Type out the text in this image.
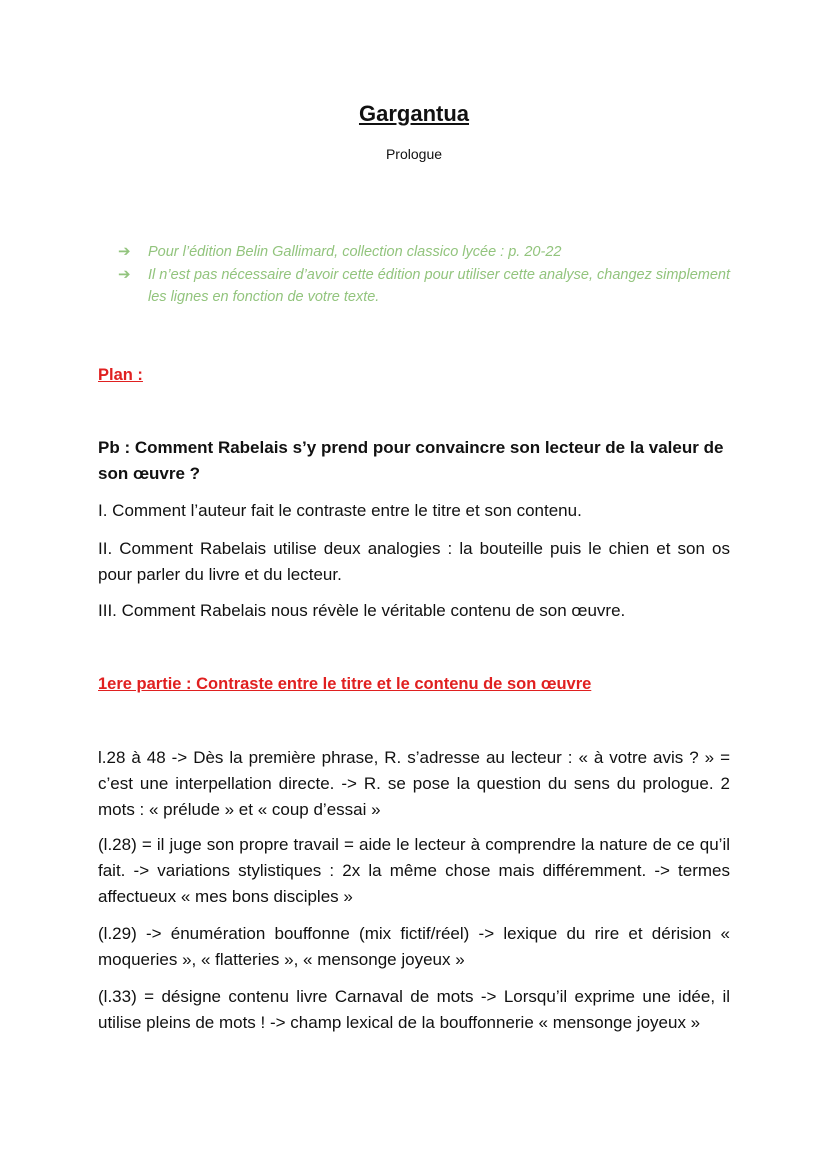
Gargantua
Prologue
➔	Pour l’édition Belin Gallimard, collection classico lycée : p. 20-22
➔	Il n’est pas nécessaire d’avoir cette édition pour utiliser cette analyse, changez simplement les lignes en fonction de votre texte.
Plan :
Pb : Comment Rabelais s’y prend pour convaincre son lecteur de la valeur de son œuvre ?
I. Comment l’auteur fait le contraste entre le titre et son contenu.
II. Comment Rabelais utilise deux analogies : la bouteille puis le chien et son os pour parler du livre et du lecteur.
III. Comment Rabelais nous révèle le véritable contenu de son œuvre.
1ere partie : Contraste entre le titre et le contenu de son œuvre
l.28 à 48 -> Dès la première phrase, R. s’adresse au lecteur : « à votre avis ? » = c’est une interpellation directe. -> R. se pose la question du sens du prologue. 2 mots : « prélude » et « coup d’essai »
(l.28) = il juge son propre travail = aide le lecteur à comprendre la nature de ce qu’il fait. -> variations stylistiques : 2x la même chose mais différemment. -> termes affectueux « mes bons disciples »
(l.29) -> énumération bouffonne (mix fictif/réel) -> lexique du rire et dérision « moqueries », « flatteries », « mensonge joyeux »
(l.33) = désigne contenu livre Carnaval de mots -> Lorsqu’il exprime une idée, il utilise pleins de mots ! -> champ lexical de la bouffonnerie « mensonge joyeux »
